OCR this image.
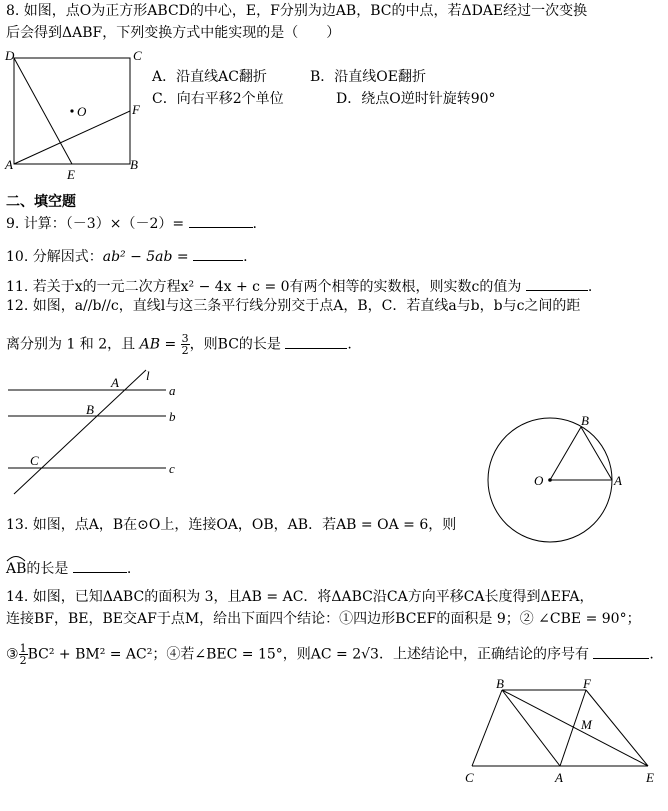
8. 如图，点O为正方形ABCD的中心，E，F分别为边AB，BC的中点，若ΔDAE经过一次变换
后会得到ΔABF，下列变换方式中能实现的是（　　）
D	C
A	B
E
F
O
A．沿直线AC翻折	B．沿直线OE翻折
C．向右平移2个单位	D．绕点O逆时针旋转90°
二、填空题
9. 计算：（－3）×（－2）=	.
10. 分解因式：ab² − 5ab =	.
11. 若关于x的一元二次方程x² − 4x + c = 0有两个相等的实数根，则实数c的值为	.
12. 如图，a//b//c，直线l与这三条平行线分别交于点A，B，C．若直线a与b，b与c之间的距
离分别为 1 和 2，且 AB = $\frac{3}{2}$ ，则BC的长是	.
l
a
b
c
A
B
C
O	A
B
13. 如图，点A，B在⊙O上，连接OA，OB，AB．若AB = OA = 6，则
AB的长是	.
14. 如图，已知ΔABC的面积为 3，且AB = AC．将ΔABC沿CA方向平移CA长度得到ΔEFA，
连接BF，BE，BE交AF于点M，给出下面四个结论：①四边形BCEF的面积是 9；② ∠CBE = 90°；
③ $\frac{1}{2} BC^2 + BM^2 = AC^2$；④若∠BEC = 15°，则AC = 2√3．上述结论中，正确结论的序号有	.
B	F
M
C	A	E
